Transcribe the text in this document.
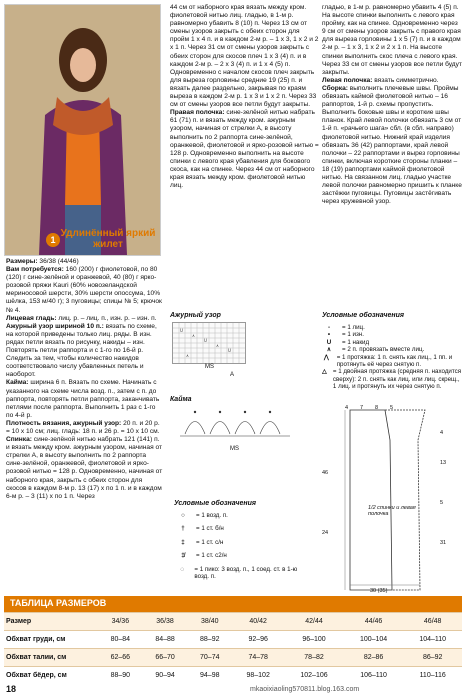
1
Удлинённый яркий жилет
Размеры: 36/38 (44/46)
Вам потребуется: 160 (200) г фиолетовой, по 80 (120) г сине-зелёной и оранжевой, 40 (80) г ярко-розовой пряжи Kauri (60% новозеландской мериносовой шерсти, 30% шерсти опоссума, 10% шёлка, 153 м/40 г); 3 пуговицы; спицы № 5; крючок № 4.
Лицевая гладь: лиц. р. – лиц. п., изн. р. – изн. п.
Ажурный узор шириной 10 п.: вязать по схеме, на которой приведены только лиц. ряды. В изн. рядах петли вязать по рисунку, накиды – изн. Повторять петли раппорта и с 1-го по 16-й р. Следить за тем, чтобы количество накидов соответствовало числу убавленных петель и наоборот.
Кайма: ширина 6 п. Вязать по схеме. Начинать с указанного на схеме числа возд. п., затем с п. до раппорта, повторять петли раппорта, заканчивать петлями после раппорта. Выполнить 1 раз с 1-го по 4-й р.
Плотность вязания, ажурный узор: 20 п. и 20 р. = 10 х 10 см; лиц. гладь: 18 п. и 26 р. = 10 х 10 см.
Спинка: сине-зелёной нитью набрать 121 (141) п. и вязать между кром. ажурным узором, начиная от стрелки А, в высоту выполнить по 2 раппорта сине-зелёной, оранжевой, фиолетовой и ярко-розовой нитью = 128 р. Одновременно, начиная от наборного края, закрыть с обеих сторон для скосов в каждом 8-м р. 13 (17) х по 1 п. и в каждом 6-м р. – 3 (11) х по 1 п. Через
44 см от наборного края вязать между кром. фиолетовой нитью лиц. гладью, в 1-м р. равномерно убавить 8 (10) п. Через 13 см от смены узоров закрыть с обеих сторон для пройм 1 х 4 п. и в каждом 2-м р. – 1 х 3, 1 х 2 и 2 х 1 п. Через 31 см от смены узоров закрыть с обеих сторон для скосов плеч 1 х 3 (4) п. и в каждом 2-м р. – 2 х 3 (4) п. и 1 х 4 (5) п. Одновременно с началом скосов плеч закрыть для выреза горловины средние 19 (25) п. и вязать далее раздельно, закрывая по краям выреза в каждом 2-м р. 1 х 3 и 1 х 2 п. Через 33 см от смены узоров все петли будут закрыты.
Правая полочка: сине-зелёной нитью набрать 61 (71) п. и вязать между кром. ажурным узором, начиная от стрелки А, в высоту выполнить по 2 раппорта сине-зелёной, оранжевой, фиолетовой и ярко-розовой нитью = 128 р. Одновременно выполнить на высоте спинки с левого края убавления для бокового скоса, как на спинке. Через 44 см от наборного края вязать между кром. фиолетовой нитью лиц.
Ажурный узор
U
∧
U
∧
U
∧
MS
A
Кайма
MS
Условные обозначения
○	= 1 возд. п.
†	= 1 ст. б/н
‡	= 1 ст. с/н
‡̸	= 1 ст. с2/н
◌	= 1 пико: 3 возд. п., 1 соед. ст. в 1-ю возд. п.
гладью, в 1-м р. равномерно убавить 4 (5) п. На высоте спинки выполнить с левого края пройму, как на спинке. Одновременно через 9 см от смены узоров закрыть с правого края для выреза горловины 1 х 5 (7) п. и в каждом 2-м р. – 1 х 3, 1 х 2 и 2 х 1 п. На высоте спинки выполнить скос плеча с левого края. Через 33 см от смены узоров все петли будут закрыты.
Левая полочка: вязать симметрично.
Сборка: выполнить плечевые швы. Проймы обвязать каймой фиолетовой нитью – 16 раппортов, 1-й р. схемы пропустить. Выполнить боковые швы и короткие швы планок. Край левой полочки обвязать 3 см от 1-й п. «рачьего шага» сбл. (в сбл. направо) фиолетовой нитью. Нижний край изделия обвязать 36 (42) раппортами, край левой полочки – 22 раппортами и вырез горловины спинки, включая короткие стороны планки – 18 (19) раппортами каймой фиолетовой нитью. На связанном лиц. гладью участке левой полочки равномерно пришить к планке застёжки пуговицы. Пуговицы застёгивать через кружевной узор.
Условные обозначения
-	= 1 лиц.
•	= 1 изн.
U	= 1 накид
∧	= 2 п. провязать вместе лиц.
⋀ = 1 протяжка: 1 п. снять как лиц., 1 пп. и протянуть её через снятую п.
△ = 1 двойная протяжка (средняя п. находится сверху): 2 п. снять как лиц. или лиц. скрещ., 1 лиц. и протянуть их через снятую п.
4 7 8 5
46
24
4
13
5
31
30 (35)
1/2 спинки и левая полочка
ТАБЛИЦА РАЗМЕРОВ
Размер	34/36	36/38	38/40	40/42	42/44	44/46	46/48
Обхват груди, см	80–84	84–88	88–92	92–96	96–100	100–104	104–110
Обхват талии, см	62–66	66–70	70–74	74–78	78–82	82–86	86–92
Обхват бёдер, см	88–90	90–94	94–98	98–102	102–106	106–110	110–116
18	mkaoixiaoling570811.blog.163.com
